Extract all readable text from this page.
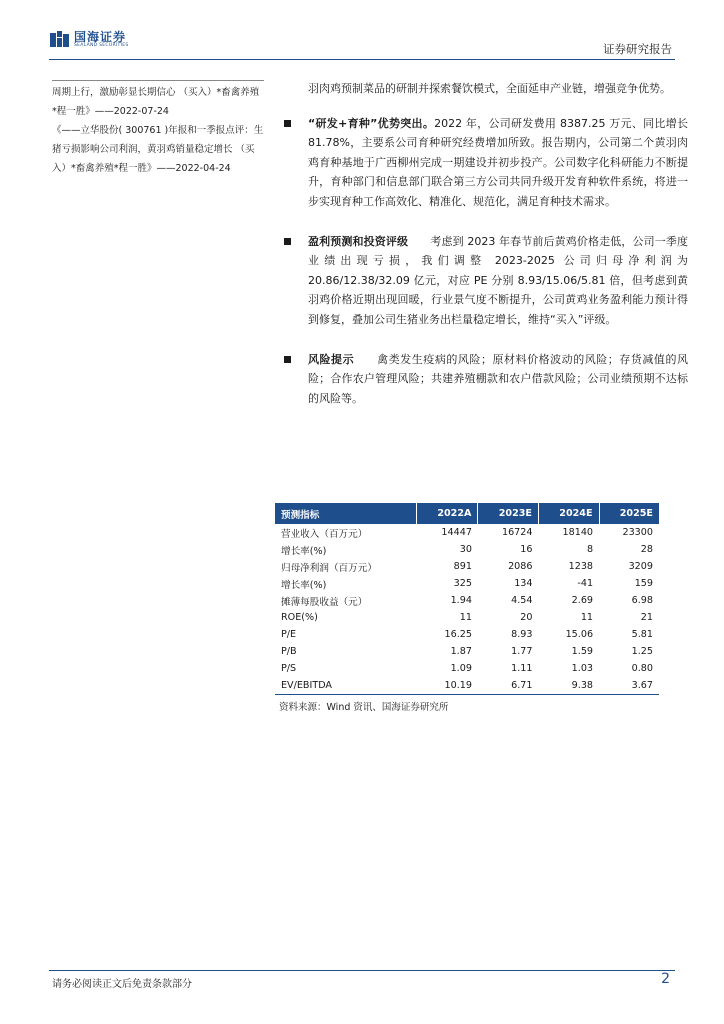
国海证券
SEALAND SECURITIES	证券研究报告

周期上行，激励彰显长期信心 （买入）*畜禽养殖

*程一胜》——2022-07-24

《——立华股份( 300761 )年报和一季报点评：生

猪亏损影响公司利润，黄羽鸡销量稳定增长 （买

入）*畜禽养殖*程一胜》——2022-04-24

羽肉鸡预制菜品的研制并探索餐饮模式，全面延申产业链，增强竞争优势。

“研发+育种”优势突出。2022 年，公司研发费用 8387.25 万元、同比增长 81.78%，主要系公司育种研究经费增加所致。报告期内，公司第二个黄羽肉鸡育种基地于广西柳州完成一期建设并初步投产。公司数字化科研能力不断提升，育种部门和信息部门联合第三方公司共同升级开发育种软件系统，将进一步实现育种工作高效化、精准化、规范化，满足育种技术需求。

盈利预测和投资评级　　考虑到 2023 年春节前后黄鸡价格走低，公司一季度业绩出现亏损，我们调整 2023-2025 公司归母净利润为 20.86/12.38/32.09 亿元，对应 PE 分别 8.93/15.06/5.81 倍，但考虑到黄羽鸡价格近期出现回暖，行业景气度不断提升，公司黄鸡业务盈利能力预计得到修复，叠加公司生猪业务出栏量稳定增长，维持“买入”评级。

风险提示　　禽类发生疫病的风险；原材料价格波动的风险；存货减值的风险；合作农户管理风险；共建养殖棚款和农户借款风险；公司业绩预期不达标的风险等。

预测指标	2022A	2023E	2024E	2025E
营业收入（百万元）	14447	16724	18140	23300
增长率(%)	30	16	8	28
归母净利润（百万元）	891	2086	1238	3209
增长率(%)	325	134	-41	159
摊薄每股收益（元）	1.94	4.54	2.69	6.98
ROE(%)	11	20	11	21
P/E	16.25	8.93	15.06	5.81
P/B	1.87	1.77	1.59	1.25
P/S	1.09	1.11	1.03	0.80
EV/EBITDA	10.19	6.71	9.38	3.67
资料来源：Wind 资讯、国海证券研究所
请务必阅读正文后免责条款部分	2
